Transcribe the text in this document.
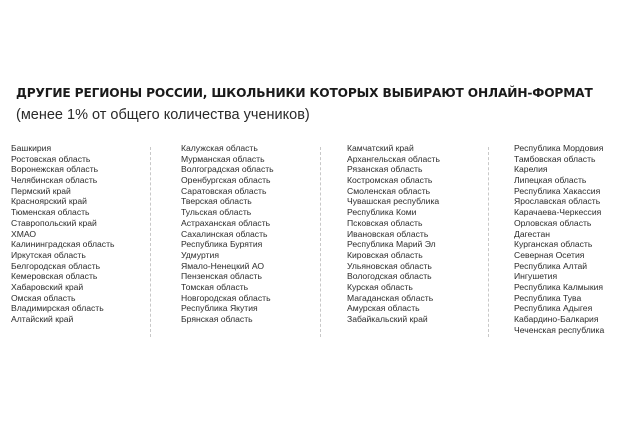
ДРУГИЕ РЕГИОНЫ РОССИИ, ШКОЛЬНИКИ КОТОРЫХ ВЫБИРАЮТ ОНЛАЙН-ФОРМАТ
(менее 1% от общего количества учеников)
Башкирия
Ростовская область
Воронежская область
Челябинская область
Пермский край
Красноярский край
Тюменская область
Ставропольский край
ХМАО
Калининградская область
Иркутская область
Белгородская область
Кемеровская область
Хабаровский край
Омская область
Владимирская область
Алтайский край
Калужская область
Мурманская область
Волгоградская область
Оренбургская область
Саратовская область
Тверская область
Тульская область
Астраханская область
Сахалинская область
Республика Бурятия
Удмуртия
Ямало-Ненецкий АО
Пензенская область
Томская область
Новгородская область
Республика Якутия
Брянская область
Камчатский край
Архангельская область
Рязанская область
Костромская область
Смоленская область
Чувашская республика
Республика Коми
Псковская область
Ивановская область
Республика Марий Эл
Кировская область
Ульяновская область
Вологодская область
Курская область
Магаданская область
Амурская область
Забайкальский край
Республика Мордовия
Тамбовская область
Карелия
Липецкая область
Республика Хакассия
Ярославская область
Карачаева-Черкессия
Орловская область
Дагестан
Курганская область
Северная Осетия
Республика Алтай
Ингушетия
Республика Калмыкия
Республика Тува
Республика Адыгея
Кабардино-Балкария
Чеченская республика
